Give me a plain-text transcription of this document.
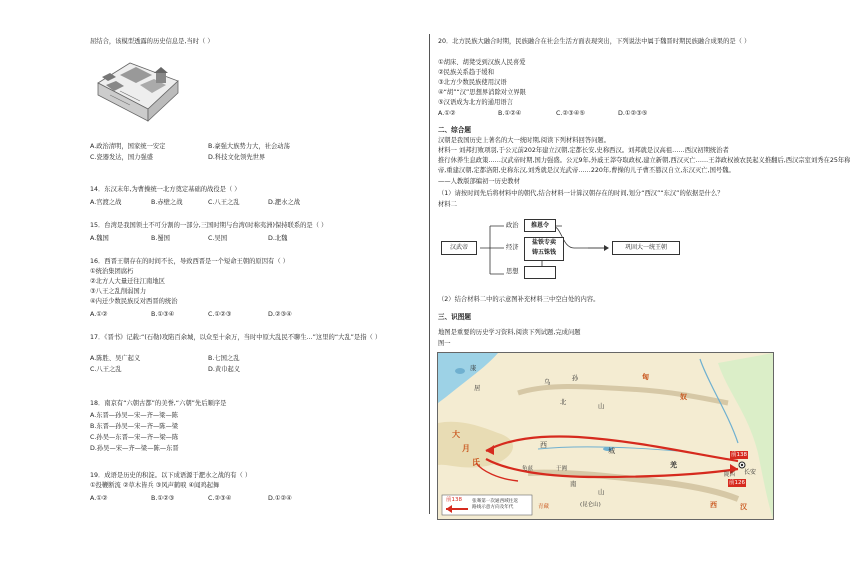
屈结合，该模型透露的历史信息是,当时（ ）
A.政治清明，国家统一安定	B.豪强大族势力大，社会动荡
C.瓷器发达，国力强盛	D.科技文化领先世界
14．东汉末年,为曹操统一北方奠定基础的战役是（ ）
A.官渡之战	B.赤壁之战	C.八王之乱	D.淝水之战
15．台湾是我国领土不可分割的一部分,三国时期与台湾(时称夷洲)保持联系的是（ ）
A.魏国	B.蜀国	C.吴国	D.北魏
16．西晋王朝存在的时间不长，导致西晋是一个短命王朝的原因有（ ）
①统治集团腐朽
②北方人大量迁往江南地区
③八王之乱削弱国力
④内迁少数民族反对西晋的统治
A.①②	B.①③④	C.①②③	D.②③④
17．《晋书》记载:“(石勒)攻陷百余城，以众至十余万，当时中原大乱民不聊生...”这里的“大乱”是指（ ）
A.陈胜、吴广起义	B.七国之乱
C.八王之乱	D.黄巾起义
18．南京有“六朝古都”的美誉,“六朝”先后顺序是
A.东晋—孙吴—宋—齐—梁—陈
B.东晋—孙吴—宋—齐—陈—梁
C.孙吴—东晋—宋—齐—梁—陈
D.孙吴—宋—齐—梁—陈—东晋
19．成语是历史的积淀。以下成语源于淝水之战的有（ ）
①投鞭断流 ②草木皆兵 ③风声鹤唳 ④闻鸡起舞
A.①②	B.①②③	C.②③④	D.①②④
20．北方民族大融合时期，民族融合在社会生活方面表现突出，下列说法中属于魏晋时期民族融合成果的是（ ）
①胡床、胡凳受到汉族人民喜爱
②民族关系趋于缓和
③北方少数民族使用汉语
④“胡”“汉”思想界消除对立界限
⑤汉语成为北方的通用语言
A.①②	B.①②④	C.②③④⑤	D.①②③⑤
二、综合题
汉朝是我国历史上著名的大一统时期,阅读下列材料回答问题。
材料一 刘邦打败项羽,于公元前202年建立汉朝,定都长安,史称西汉。刘邦就是汉高祖……西汉初期统治者
推行休养生息政策……汉武帝时期,国力强盛。公元9年,外戚王莽夺取政权,建立新朝,西汉灭亡……王莽政权被农民起义推翻后,西汉宗室刘秀在25年称
帝,重建汉朝,定都洛阳,史称东汉,刘秀就是汉光武帝……220年,曹操的儿子曹丕篡汉自立,东汉灭亡,国号魏。
——人教版部编初一历史教材
（1）请按时间先后将材料中的朝代,结合材料一计算汉朝存在的时间,划分“西汉”“东汉”的依据是什么？
材料二
汉武帝
政治	推恩令
经济
盐铁专卖
铸五铢钱
思想
巩固大一统王朝
（2）结合材料二中的示意图补充材料三中空白处的内容。
三、识图题
地图是重要的历史学习资料,阅读下列试题,完成问题
图一
康
居
乌
孙
北
山
匈
奴
大
月
氏
西
城
于阗
龟兹
南
山
(昆仑山)
羌
陇西 长安
西	汉
青藏
前138
前126
前138 张骞第一次通西域往返
路线示意方向及年代
